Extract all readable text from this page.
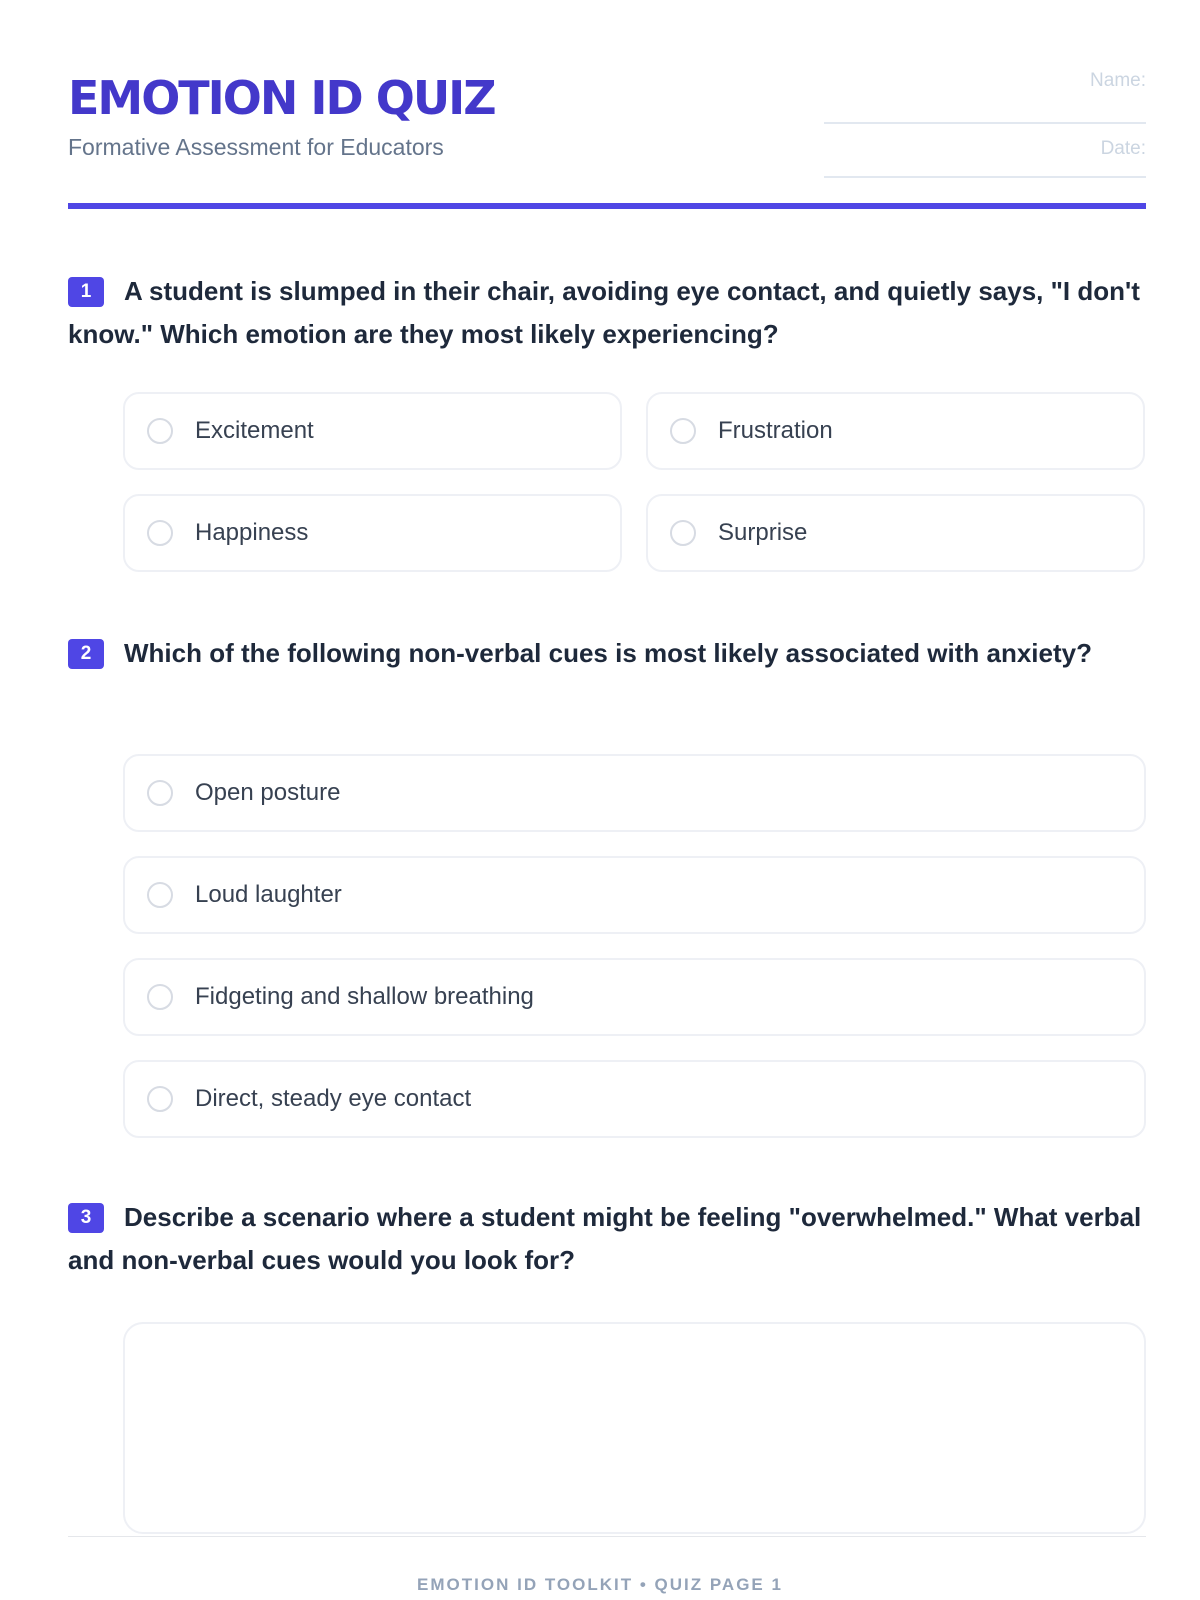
EMOTION ID QUIZ
Formative Assessment for Educators
Name:
Date:
1 A student is slumped in their chair, avoiding eye contact, and quietly says, "I don't know." Which emotion are they most likely experiencing?
Excitement	Frustration
Happiness	Surprise
2 Which of the following non-verbal cues is most likely associated with anxiety?
Open posture
Loud laughter
Fidgeting and shallow breathing
Direct, steady eye contact
3 Describe a scenario where a student might be feeling "overwhelmed." What verbal and non-verbal cues would you look for?
EMOTION ID TOOLKIT • QUIZ PAGE 1
